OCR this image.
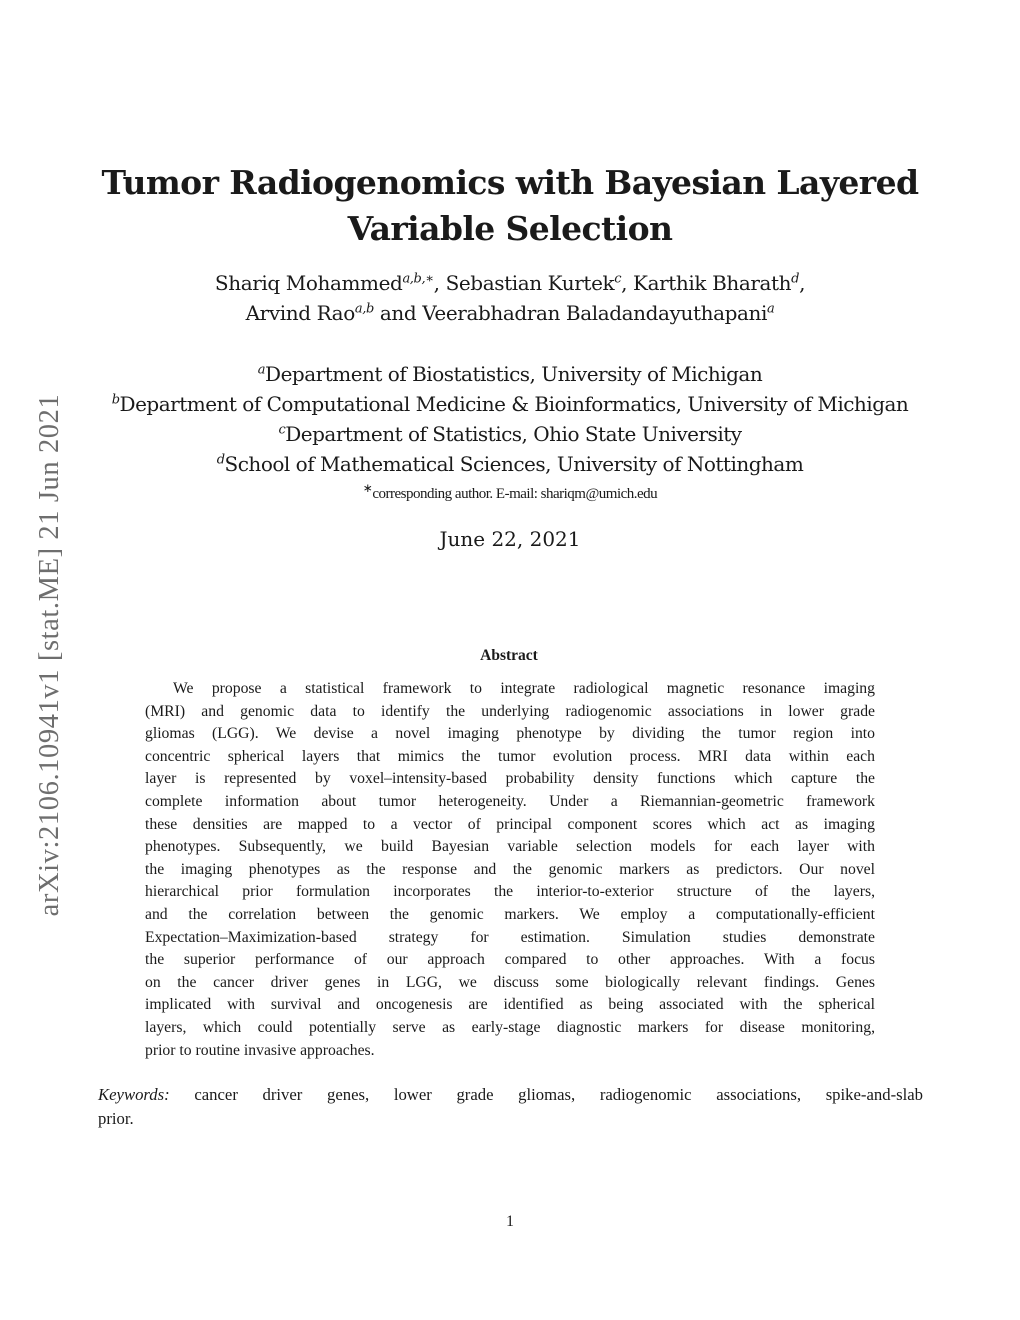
arXiv:2106.10941v1 [stat.ME] 21 Jun 2021
Tumor Radiogenomics with Bayesian Layered
Variable Selection
Shariq Mohammed$^{a,b,∗}$, Sebastian Kurtek$^c$, Karthik Bharath$^d$,
Arvind Rao$^{a,b}$ and Veerabhadran Baladandayuthapani$^a$
$^a$Department of Biostatistics, University of Michigan
$^b$Department of Computational Medicine & Bioinformatics, University of Michigan
$^c$Department of Statistics, Ohio State University
$^d$School of Mathematical Sciences, University of Nottingham
∗corresponding author. E-mail: shariqm@umich.edu
June 22, 2021
Abstract
We propose a statistical framework to integrate radiological magnetic resonance imaging
(MRI) and genomic data to identify the underlying radiogenomic associations in lower grade
gliomas (LGG). We devise a novel imaging phenotype by dividing the tumor region into
concentric spherical layers that mimics the tumor evolution process. MRI data within each
layer is represented by voxel–intensity-based probability density functions which capture the
complete information about tumor heterogeneity. Under a Riemannian-geometric framework
these densities are mapped to a vector of principal component scores which act as imaging
phenotypes. Subsequently, we build Bayesian variable selection models for each layer with
the imaging phenotypes as the response and the genomic markers as predictors. Our novel
hierarchical prior formulation incorporates the interior-to-exterior structure of the layers,
and the correlation between the genomic markers. We employ a computationally-efficient
Expectation–Maximization-based strategy for estimation. Simulation studies demonstrate
the superior performance of our approach compared to other approaches. With a focus
on the cancer driver genes in LGG, we discuss some biologically relevant findings. Genes
implicated with survival and oncogenesis are identified as being associated with the spherical
layers, which could potentially serve as early-stage diagnostic markers for disease monitoring,
prior to routine invasive approaches.
Keywords: cancer driver genes, lower grade gliomas, radiogenomic associations, spike-and-slab
prior.
1
